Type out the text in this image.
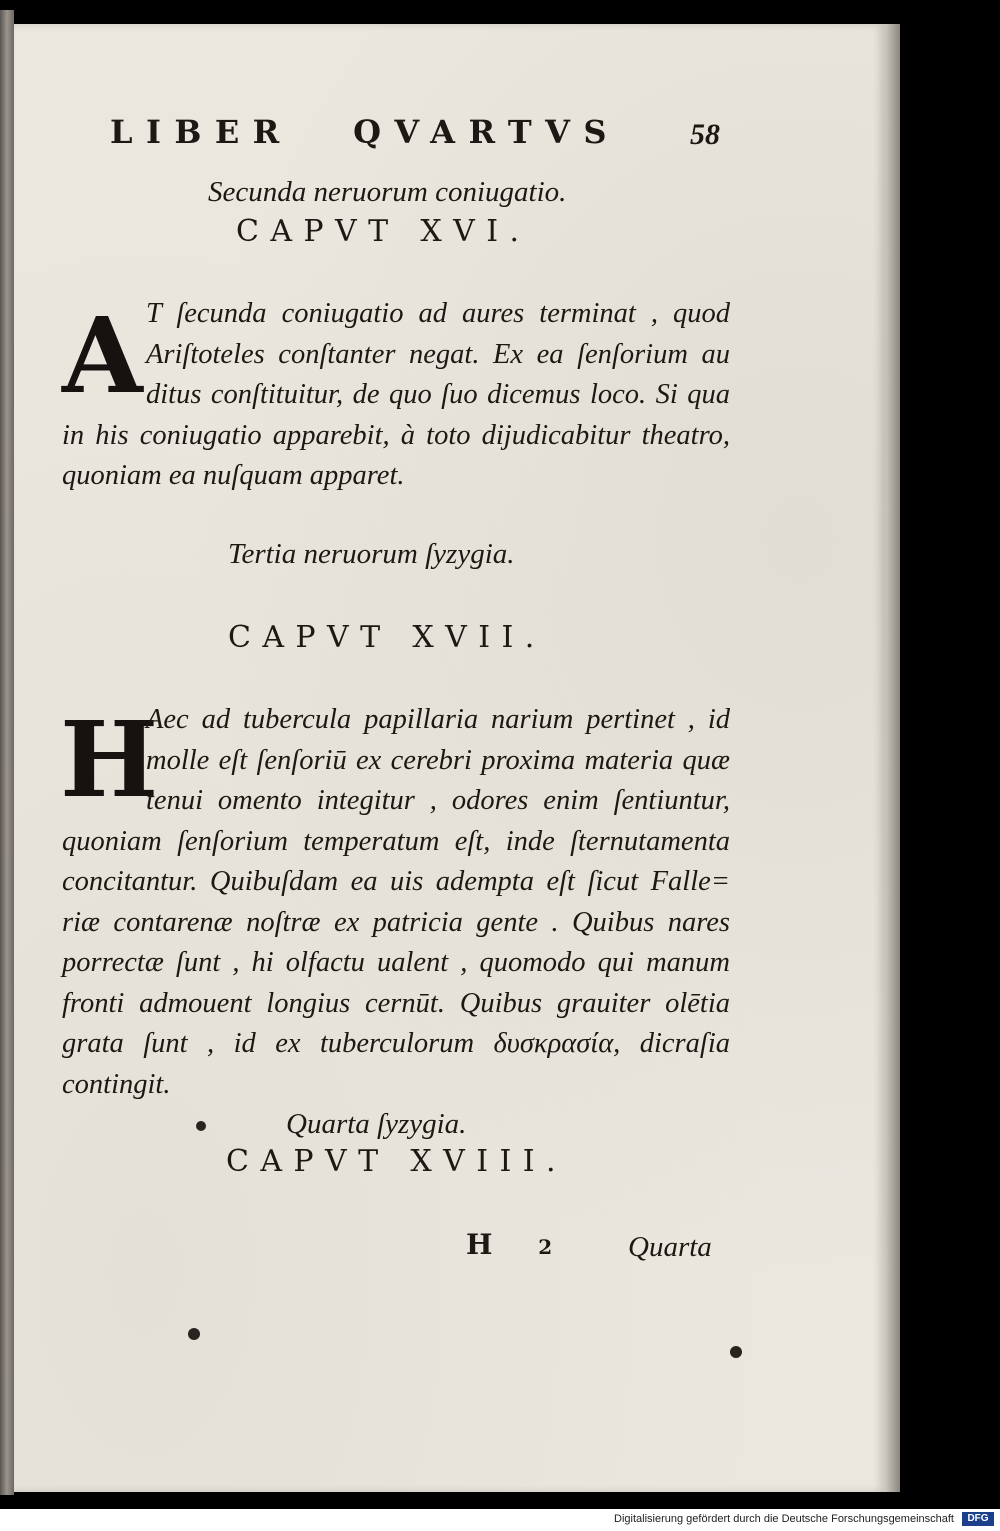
LIBER QVARTVS 58
Secunda neruorum coniugatio.
CAPVT XVI.
A T ſecunda coniugatio ad aures terminat , quod
Ariſtoteles conſtanter negat. Ex ea ſenſorium au
ditus conſtituitur, de quo ſuo dicemus loco. Si qua
in his coniugatio apparebit, à toto dijudicabitur theatro,
quoniam ea nuſquam apparet.
Tertia neruorum ſyzygia.
CAPVT XVII.
H
Aec ad tubercula papillaria narium pertinet , id
molle eſt ſenſoriū ex cerebri proxima materia quæ
tenui omento integitur , odores enim ſentiuntur,
quoniam ſenſorium temperatum eſt, inde ſternutamenta
concitantur. Quibuſdam ea uis adempta eſt ſicut Falle=
riæ contarenæ noſtræ ex patricia gente . Quibus nares
porrectæ ſunt , hi olfactu ualent , quomodo qui manum
fronti admouent longius cernūt. Quibus grauiter olētia
grata ſunt , id ex tuberculorum δυσκρασία, dicraſia
contingit.
Quarta ſyzygia.
CAPVT XVIII.
H 2	Quarta
Digitalisierung gefördert durch die Deutsche Forschungsgemeinschaft	DFG
